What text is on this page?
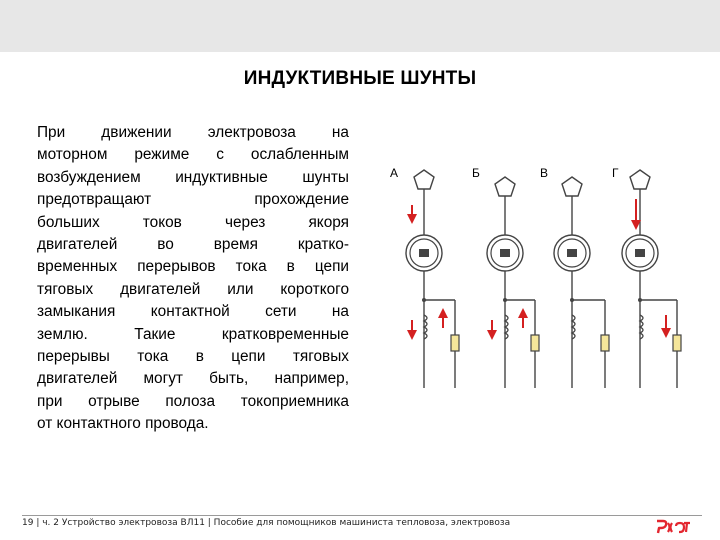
ИНДУКТИВНЫЕ ШУНТЫ
При движении электровоза на
моторном режиме с ослабленным
возбуждением индуктивные шунты
предотвращают прохождение
больших токов через якоря
двигателей во время кратко-
временных перерывов тока в цепи
тяговых двигателей или короткого
замыкания контактной сети на
землю. Такие кратковременные
перерывы тока в цепи тяговых
двигателей могут быть, например,
при отрыве полоза токоприемника
от контактного провода.
А	Б	В	Г
19 | ч. 2 Устройство электровоза ВЛ11 | Пособие для помощников машиниста тепловоза, электровоза
